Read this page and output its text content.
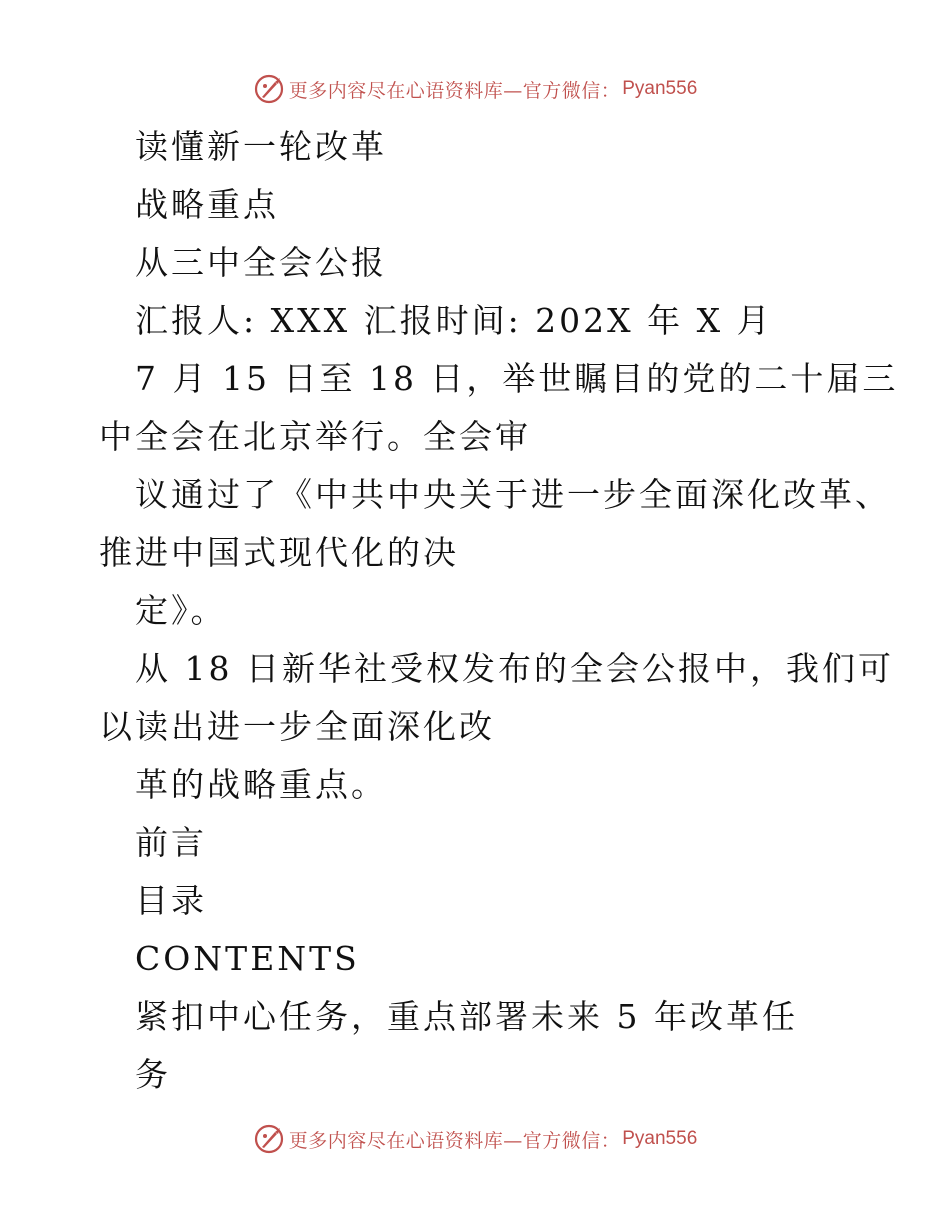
更多内容尽在心语资料库—官方微信： Pyan556
读懂新一轮改革
战略重点
从三中全会公报
汇报人: XXX 汇报时间: 202X 年 X 月
7 月 15 日至 18 日，举世瞩目的党的二十届三
中全会在北京举行。全会审
议通过了《中共中央关于进一步全面深化改革、
推进中国式现代化的决
定》。
从 18 日新华社受权发布的全会公报中，我们可
以读出进一步全面深化改
革的战略重点。
前言
目录
CONTENTS
紧扣中心任务，重点部署未来 5 年改革任
务
更多内容尽在心语资料库—官方微信： Pyan556
